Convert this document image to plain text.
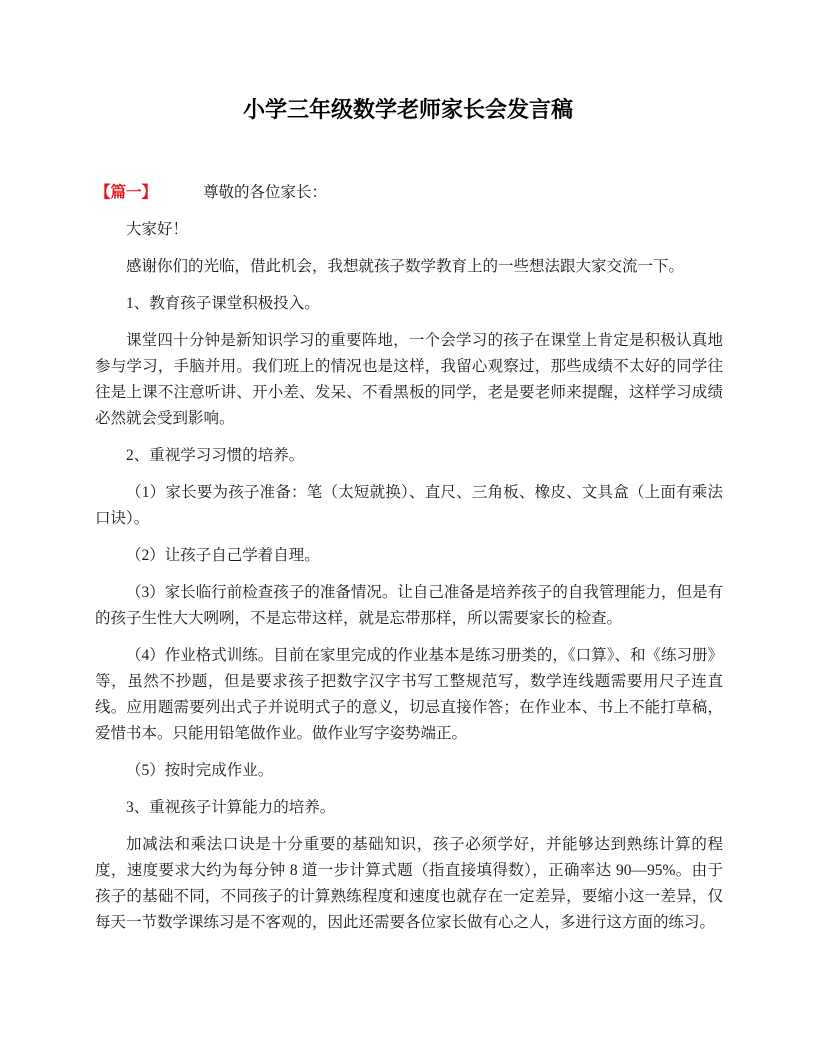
小学三年级数学老师家长会发言稿

【篇一】	尊敬的各位家长：

大家好！

感谢你们的光临，借此机会，我想就孩子数学教育上的一些想法跟大家交流一下。

1、教育孩子课堂积极投入。

课堂四十分钟是新知识学习的重要阵地，一个会学习的孩子在课堂上肯定是积极认真地参与学习，手脑并用。我们班上的情况也是这样，我留心观察过，那些成绩不太好的同学往往是上课不注意听讲、开小差、发呆、不看黑板的同学，老是要老师来提醒，这样学习成绩必然就会受到影响。

2、重视学习习惯的培养。

（1）家长要为孩子准备：笔（太短就换）、直尺、三角板、橡皮、文具盒（上面有乘法口诀）。

（2）让孩子自己学着自理。

（3）家长临行前检查孩子的准备情况。让自己准备是培养孩子的自我管理能力，但是有的孩子生性大大咧咧，不是忘带这样，就是忘带那样，所以需要家长的检查。

（4）作业格式训练。目前在家里完成的作业基本是练习册类的，《口算》、和《练习册》等，虽然不抄题，但是要求孩子把数字汉字书写工整规范写，数学连线题需要用尺子连直线。应用题需要列出式子并说明式子的意义，切忌直接作答；在作业本、书上不能打草稿，爱惜书本。只能用铅笔做作业。做作业写字姿势端正。

（5）按时完成作业。

3、重视孩子计算能力的培养。

加减法和乘法口诀是十分重要的基础知识，孩子必须学好，并能够达到熟练计算的程度，速度要求大约为每分钟 8 道一步计算式题（指直接填得数），正确率达 90—95%。由于孩子的基础不同，不同孩子的计算熟练程度和速度也就存在一定差异，要缩小这一差异，仅每天一节数学课练习是不客观的，因此还需要各位家长做有心之人，多进行这方面的练习。
